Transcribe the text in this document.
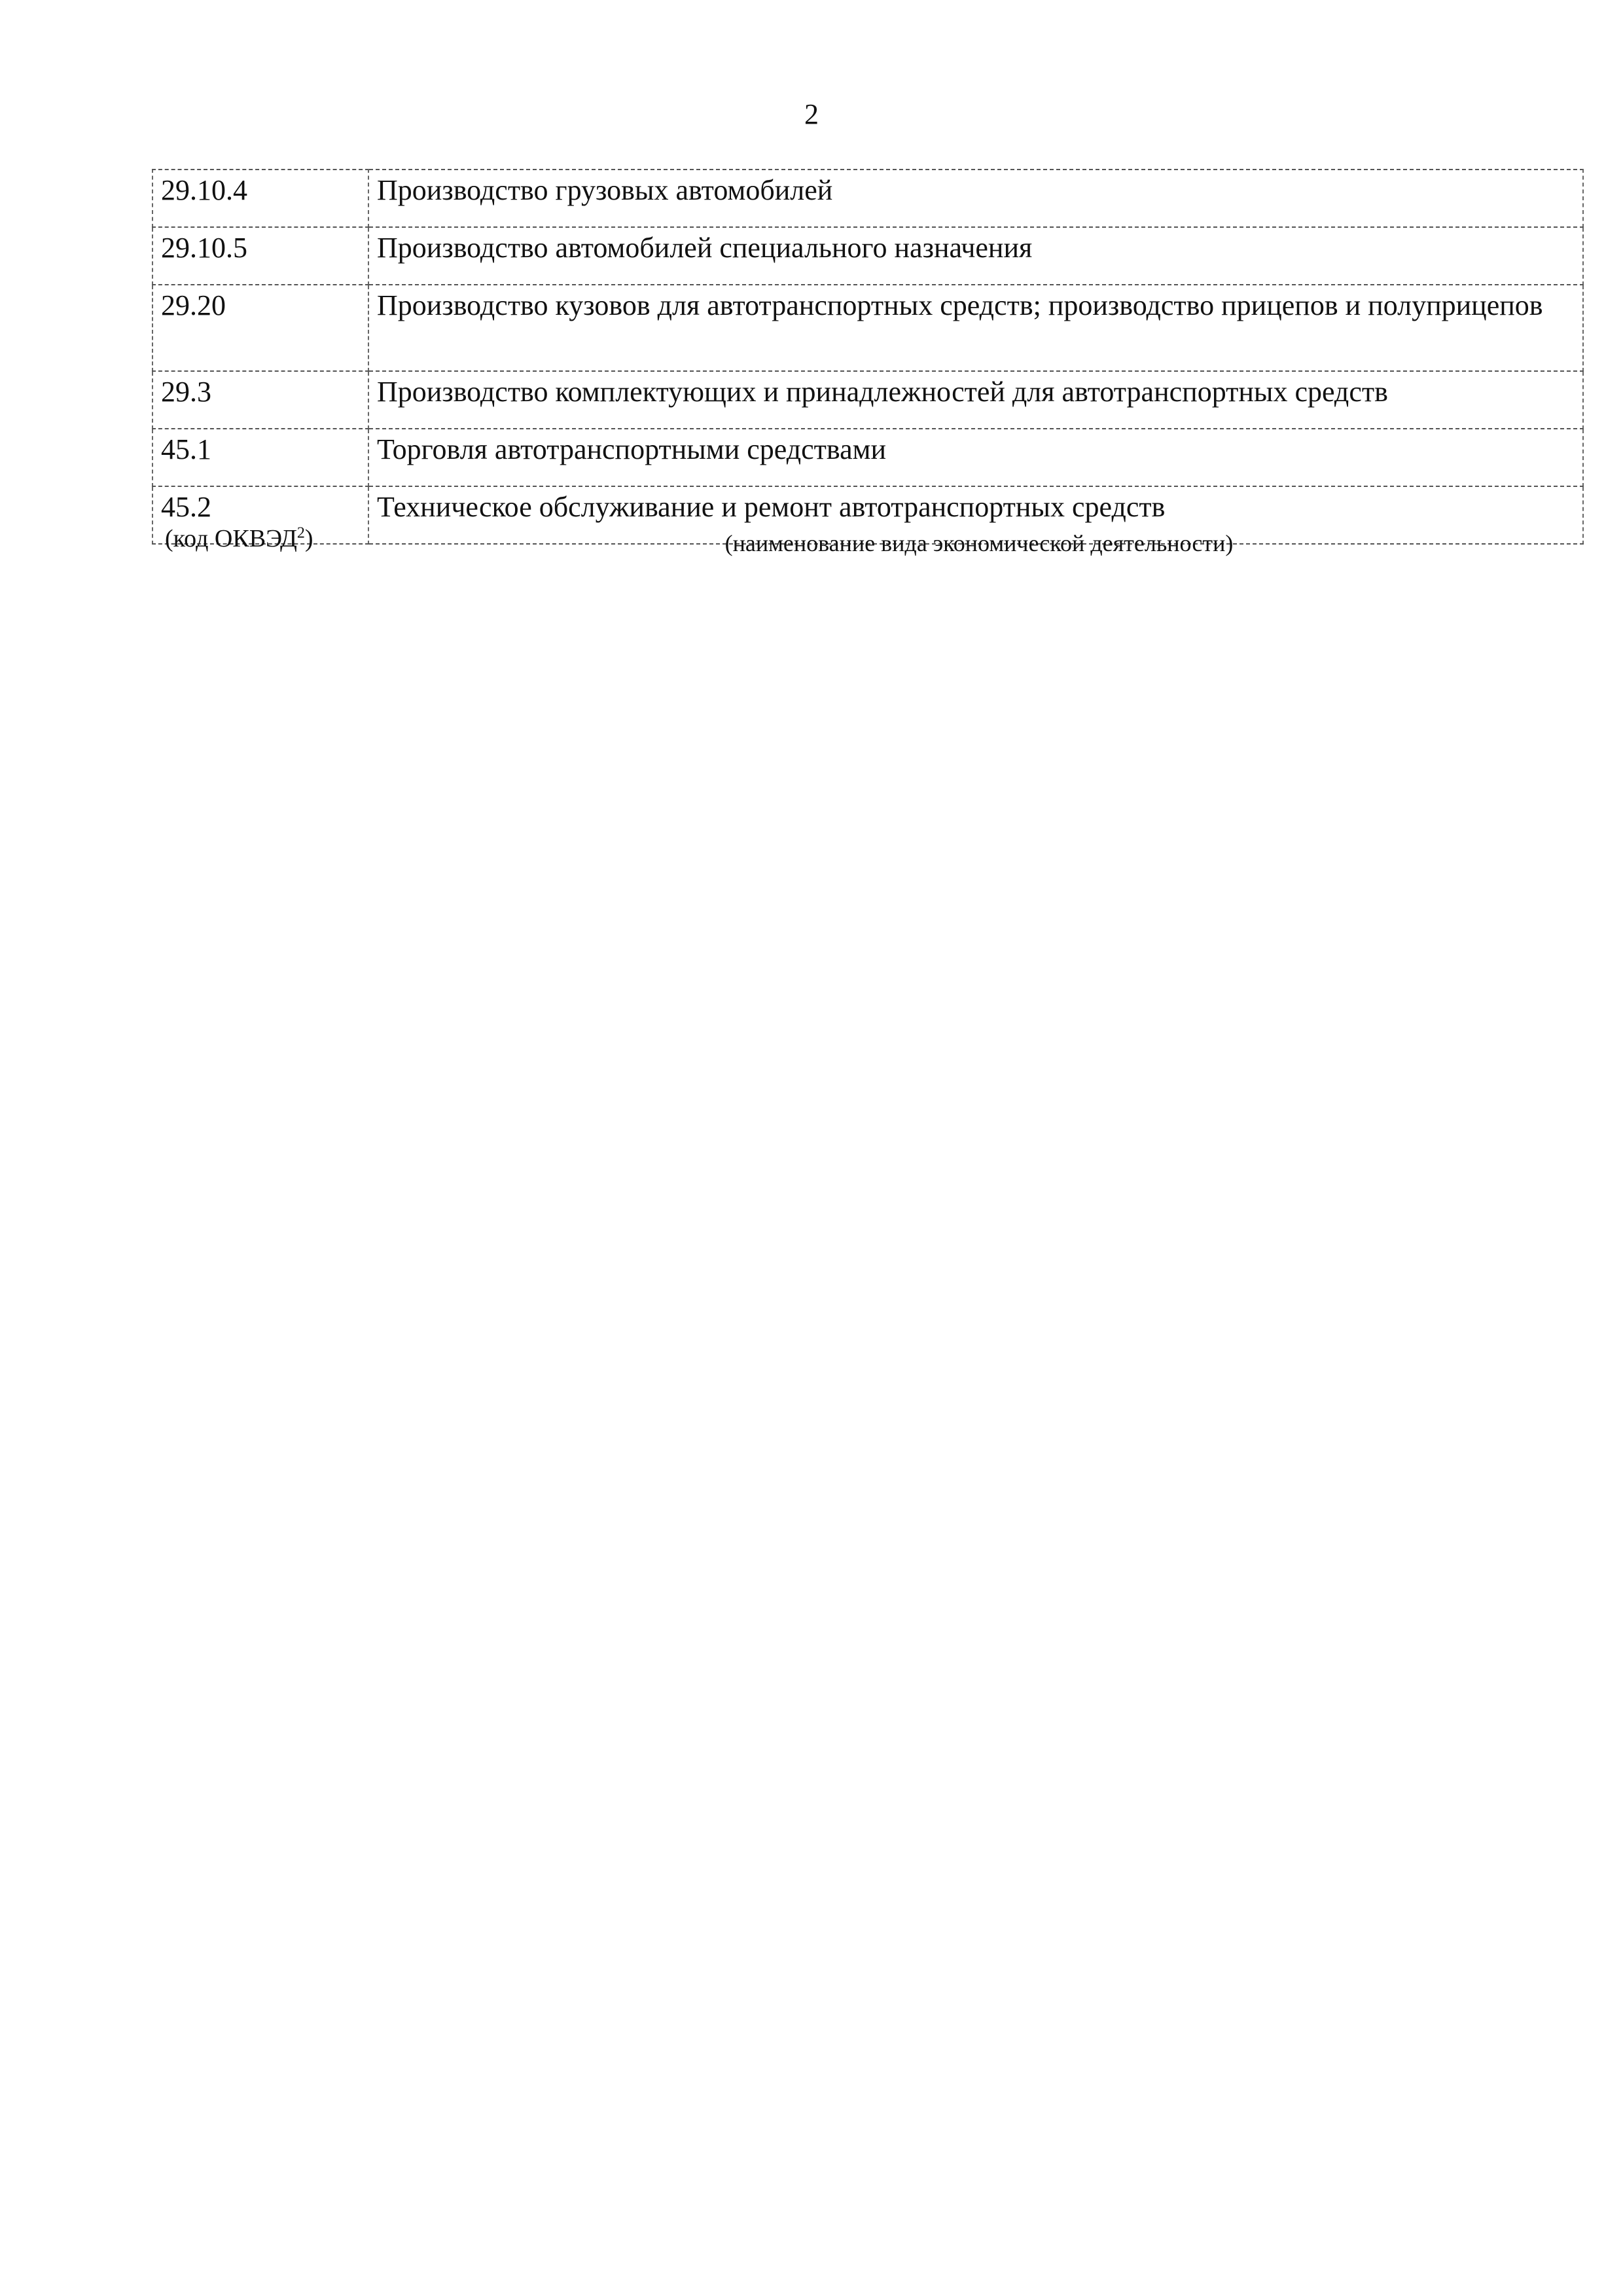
2
29.10.4	Производство грузовых автомобилей
29.10.5	Производство автомобилей специального назначения
29.20	Производство кузовов для автотранспортных средств; производство прицепов и полуприцепов
29.3	Производство комплектующих и принадлежностей для автотранспортных средств
45.1	Торговля автотранспортными средствами
45.2	Техническое обслуживание и ремонт автотранспортных средств
(код ОКВЭД$^2$)	(наименование вида экономической деятельности)
